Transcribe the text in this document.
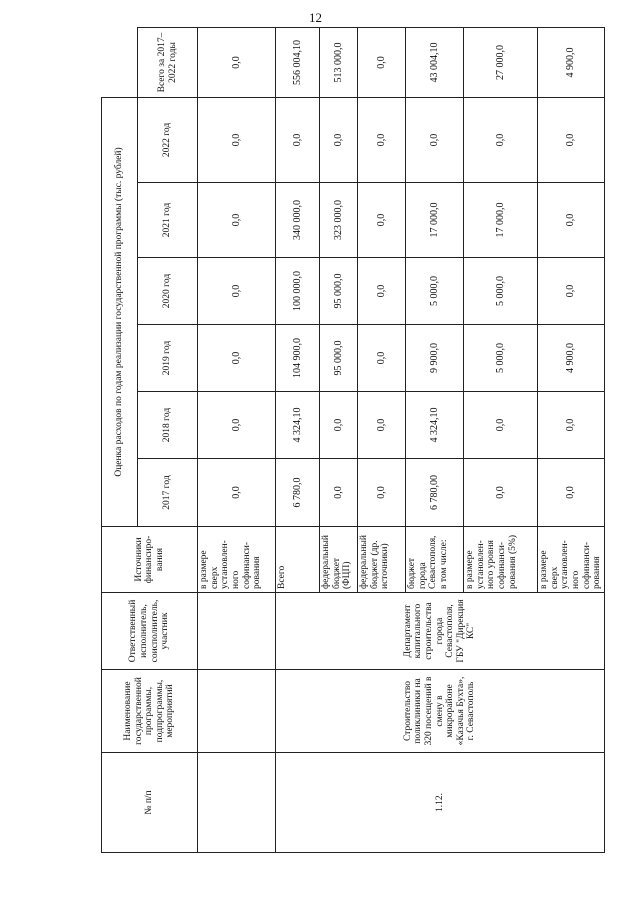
12
№ п/п	Наименование государственной программы, подпрограммы, мероприятий	Ответственный исполнитель, соисполнитель, участник	Источники финансиро-вания	Оценка расходов по годам реализации государственной программы (тыс. рублей)						
				2017 год	2018 год	2019 год	2020 год	2021 год	2022 год	Всего за 2017–2022 годы
			в размере сверх установлен-ного софинанси-рования	0,0	0,0	0,0	0,0	0,0	0,0	0,0
1.12.	Строительство поликлиники на 320 посещений в смену в микрорайоне «Казачья Бухта», г. Севастополь	Департамент капитального строительства города Севастополя, ГБУ "Дирекция КС"	Всего	6 780,0	4 324,10	104 900,0	100 000,0	340 000,0	0,0	556 004,10
			федеральный бюджет (ФЦП)	0,0	0,0	95 000,0	95 000,0	323 000,0	0,0	513 000,0
			федеральный бюджет (др. источники)	0,0	0,0	0,0	0,0	0,0	0,0	0,0
			бюджет города Севастополя, в том числе:	6 780,00	4 324,10	9 900,0	5 000,0	17 000,0	0,0	43 004,10
			в размере установлен-ного уровня софинанси-рования (5%)	0,0	0,0	5 000,0	5 000,0	17 000,0	0,0	27 000,0
			в размере сверх установлен-ного софинанси-рования	0,0	0,0	4 900,0	0,0	0,0	0,0	4 900,0
